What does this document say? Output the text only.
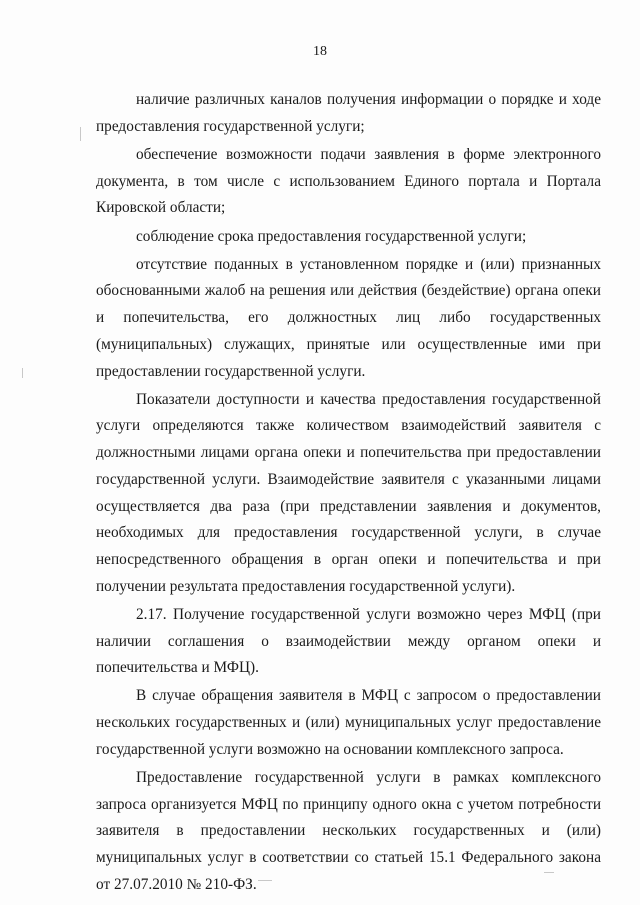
18

наличие различных каналов получения информации о порядке и ходе предоставления государственной услуги;

обеспечение возможности подачи заявления в форме электронного документа, в том числе с использованием Единого портала и Портала Кировской области;

соблюдение срока предоставления государственной услуги;

отсутствие поданных в установленном порядке и (или) признанных обоснованными жалоб на решения или действия (бездействие) органа опеки и попечительства, его должностных лиц либо государственных (муниципальных) служащих, принятые или осуществленные ими при предоставлении государственной услуги.

Показатели доступности и качества предоставления государственной услуги определяются также количеством взаимодействий заявителя с должностными лицами органа опеки и попечительства при предоставлении государственной услуги. Взаимодействие заявителя с указанными лицами осуществляется два раза (при представлении заявления и документов, необходимых для предоставления государственной услуги, в случае непосредственного обращения в орган опеки и попечительства и при получении результата предоставления государственной услуги).

2.17. Получение государственной услуги возможно через МФЦ (при наличии соглашения о взаимодействии между органом опеки и попечительства и МФЦ).

В случае обращения заявителя в МФЦ с запросом о предоставлении нескольких государственных и (или) муниципальных услуг предоставление государственной услуги возможно на основании комплексного запроса.

Предоставление государственной услуги в рамках комплексного запроса организуется МФЦ по принципу одного окна с учетом потребности заявителя в предоставлении нескольких государственных и (или) муниципальных услуг в соответствии со статьей 15.1 Федерального закона от 27.07.2010 № 210-ФЗ.
